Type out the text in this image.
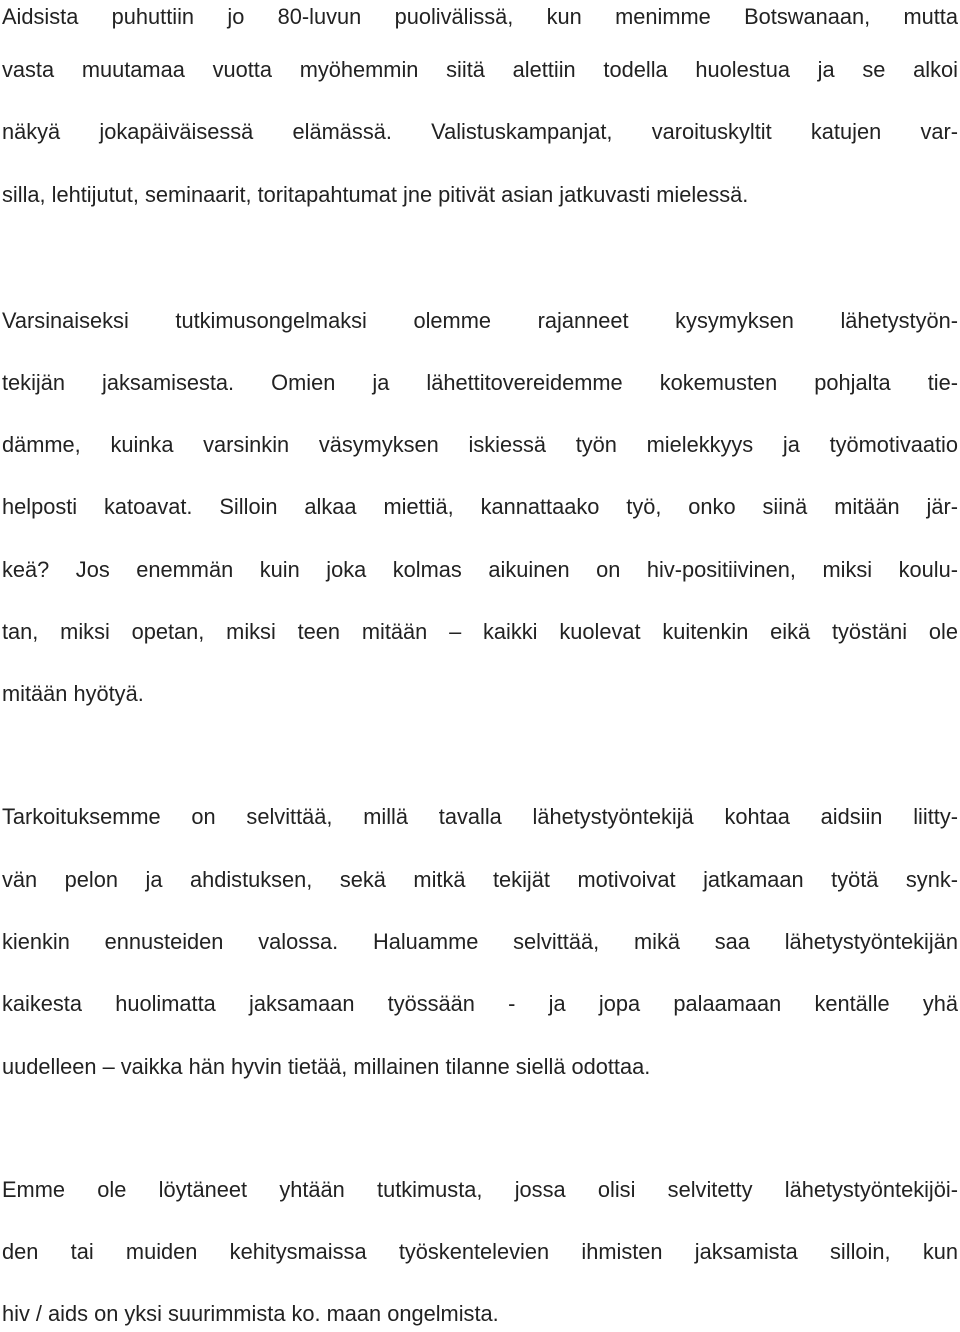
Aidsista puhuttiin jo 80-luvun puolivälissä, kun menimme Botswanaan, mutta

vasta muutamaa vuotta myöhemmin siitä alettiin todella huolestua ja se alkoi

näkyä jokapäiväisessä elämässä. Valistuskampanjat, varoituskyltit katujen var-

silla, lehtijutut, seminaarit, toritapahtumat jne pitivät asian jatkuvasti mielessä.

Varsinaiseksi tutkimusongelmaksi olemme rajanneet kysymyksen lähetystyön-

tekijän jaksamisesta. Omien ja lähettitovereidemme kokemusten pohjalta tie-

dämme, kuinka varsinkin väsymyksen iskiessä työn mielekkyys ja työmotivaatio

helposti katoavat. Silloin alkaa miettiä, kannattaako työ, onko siinä mitään jär-

keä? Jos enemmän kuin joka kolmas aikuinen on hiv-positiivinen, miksi koulu-

tan, miksi opetan, miksi teen mitään – kaikki kuolevat kuitenkin eikä työstäni ole

mitään hyötyä.

Tarkoituksemme on selvittää, millä tavalla lähetystyöntekijä kohtaa aidsiin liitty-

vän pelon ja ahdistuksen, sekä mitkä tekijät motivoivat jatkamaan työtä synk-

kienkin ennusteiden valossa. Haluamme selvittää, mikä saa lähetystyöntekijän

kaikesta huolimatta jaksamaan työssään - ja jopa palaamaan kentälle yhä

uudelleen – vaikka hän hyvin tietää, millainen tilanne siellä odottaa.

Emme ole löytäneet yhtään tutkimusta, jossa olisi selvitetty lähetystyöntekijöi-

den tai muiden kehitysmaissa työskentelevien ihmisten jaksamista silloin, kun

hiv / aids on yksi suurimmista ko. maan ongelmista.
